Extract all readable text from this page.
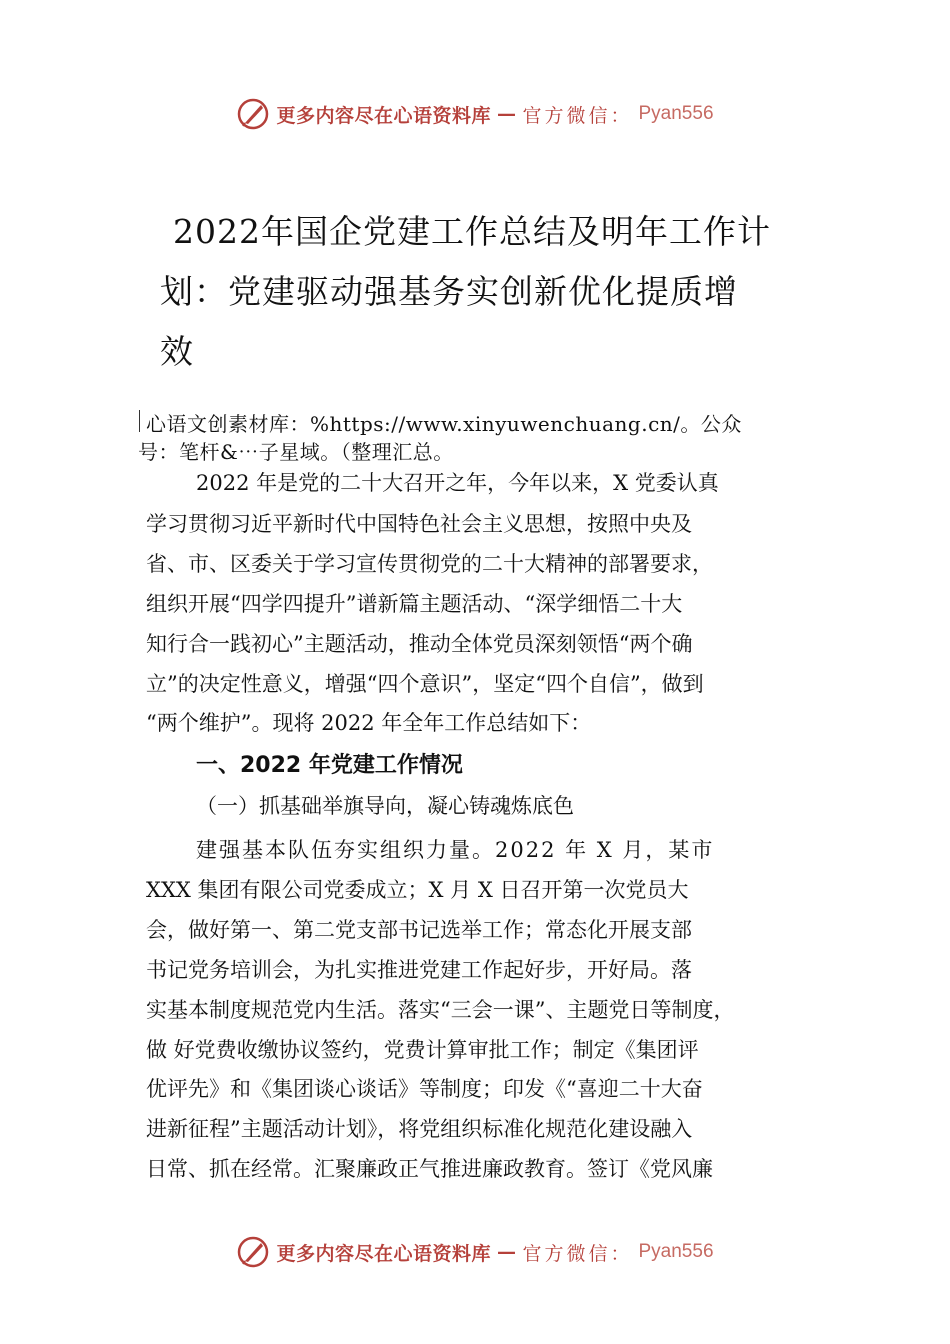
更多内容尽在心语资料库 — 官方微信： Pyan556
2022年国企党建工作总结及明年工作计
划：党建驱动强基务实创新优化提质增
效
心语文创素材库：%https://www.xinyuwenchuang.cn/。公众
号：笔杆&⋯子星域。（整理汇总。
2022 年是党的二十大召开之年，今年以来，X 党委认真
学习贯彻习近平新时代中国特色社会主义思想，按照中央及
省、市、区委关于学习宣传贯彻党的二十大精神的部署要求，
组织开展“四学四提升”谱新篇主题活动、“深学细悟二十大
知行合一践初心”主题活动，推动全体党员深刻领悟“两个确
立”的决定性意义，增强“四个意识”，坚定“四个自信”，做到
“两个维护”。现将 2022 年全年工作总结如下：
一、2022 年党建工作情况
（一）抓基础举旗导向，凝心铸魂炼底色
建强基本队伍夯实组织力量。2022 年 X 月，某市
XXX 集团有限公司党委成立；X 月 X 日召开第一次党员大
会，做好第一、第二党支部书记选举工作；常态化开展支部
书记党务培训会，为扎实推进党建工作起好步，开好局。落
实基本制度规范党内生活。落实“三会一课”、主题党日等制度，
做 好党费收缴协议签约，党费计算审批工作；制定《集团评
优评先》和《集团谈心谈话》等制度；印发《“喜迎二十大奋
进新征程”主题活动计划》，将党组织标准化规范化建设融入
日常、抓在经常。汇聚廉政正气推进廉政教育。签订《党风廉
更多内容尽在心语资料库 — 官方微信： Pyan556
